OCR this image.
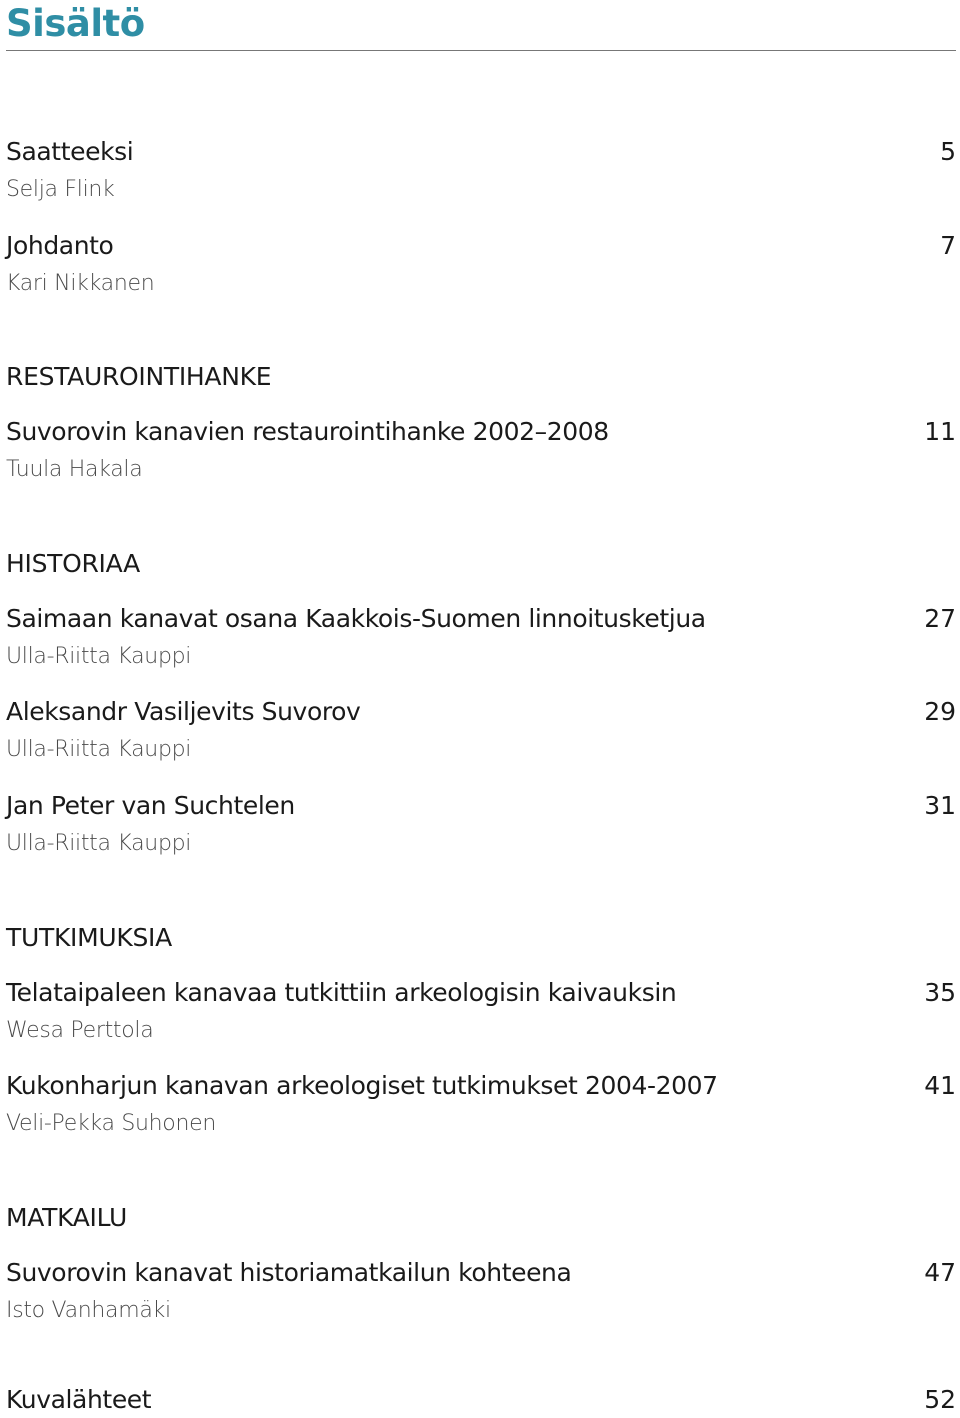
Sisältö
Saatteeksi	5
Selja Flink
Johdanto	7
Kari Nikkanen
RESTAUROINTIHANKE
Suvorovin kanavien restaurointihanke 2002–2008	11
Tuula Hakala
HISTORIAA
Saimaan kanavat osana Kaakkois-Suomen linnoitusketjua	27
Ulla-Riitta Kauppi
Aleksandr Vasiljevits Suvorov	29
Ulla-Riitta Kauppi
Jan Peter van Suchtelen	31
Ulla-Riitta Kauppi
TUTKIMUKSIA
Telataipaleen kanavaa tutkittiin arkeologisin kaivauksin	35
Wesa Perttola
Kukonharjun kanavan arkeologiset tutkimukset 2004-2007	41
Veli-Pekka Suhonen
MATKAILU
Suvorovin kanavat historiamatkailun kohteena	47
Isto Vanhamäki
Kuvalähteet	52
